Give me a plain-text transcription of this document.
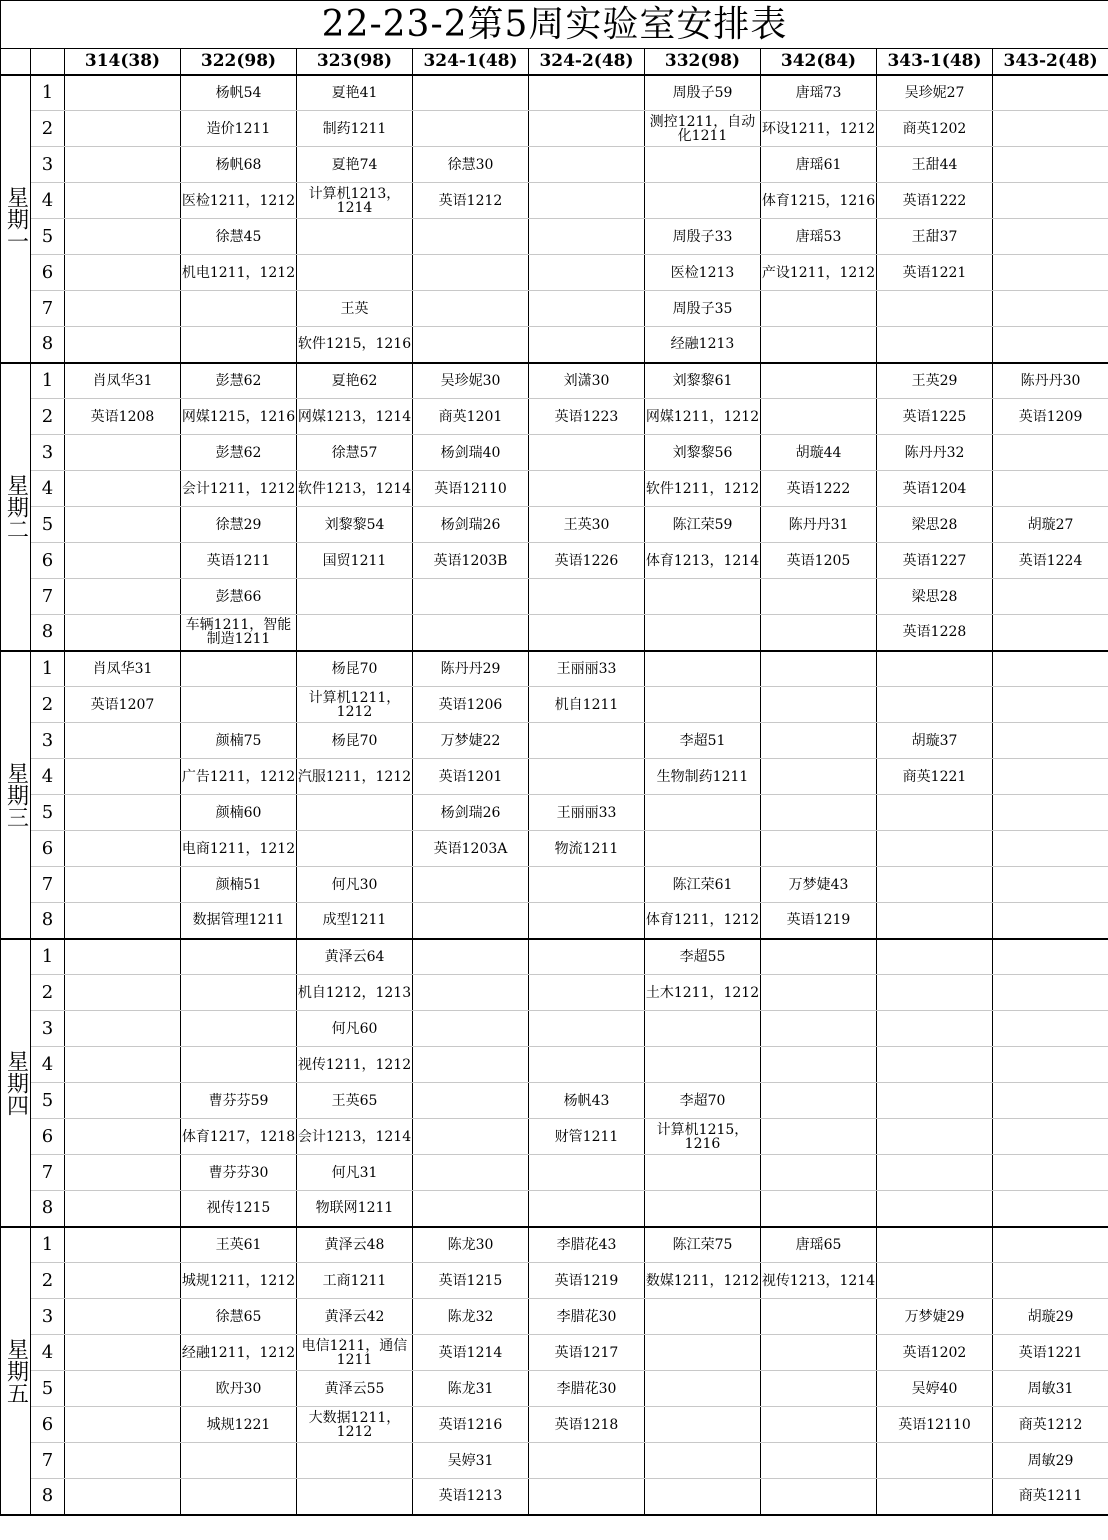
22-23-2第5周实验室安排表										
		314(38)	322(98)	323(98)	324-1(48)	324-2(48)	332(98)	342(84)	343-1(48)	343-2(48)
星期一	1		杨帆54	夏艳41			周殷子59	唐瑶73	吴珍妮27	
	2		造价1211	制药1211			测控1211，自动化1211	环设1211，1212	商英1202	
	3		杨帆68	夏艳74	徐慧30			唐瑶61	王甜44	
	4		医检1211，1212	计算机1213，1214	英语1212			体育1215，1216	英语1222	
	5		徐慧45				周殷子33	唐瑶53	王甜37	
	6		机电1211，1212				医检1213	产设1211，1212	英语1221	
	7			王英			周殷子35			
	8			软件1215，1216			经融1213			
星期二	1	肖凤华31	彭慧62	夏艳62	吴珍妮30	刘潇30	刘黎黎61		王英29	陈丹丹30
	2	英语1208	网媒1215，1216	网媒1213，1214	商英1201	英语1223	网媒1211，1212		英语1225	英语1209
	3		彭慧62	徐慧57	杨剑瑞40		刘黎黎56	胡璇44	陈丹丹32	
	4		会计1211，1212	软件1213，1214	英语12110		软件1211，1212	英语1222	英语1204	
	5		徐慧29	刘黎黎54	杨剑瑞26	王英30	陈江荣59	陈丹丹31	梁思28	胡璇27
	6		英语1211	国贸1211	英语1203B	英语1226	体育1213，1214	英语1205	英语1227	英语1224
	7		彭慧66						梁思28	
	8		车辆1211，智能制造1211						英语1228	
星期三	1	肖凤华31		杨昆70	陈丹丹29	王丽丽33				
	2	英语1207		计算机1211，1212	英语1206	机自1211				
	3		颜楠75	杨昆70	万梦婕22		李超51		胡璇37	
	4		广告1211，1212	汽服1211，1212	英语1201		生物制药1211		商英1221	
	5		颜楠60		杨剑瑞26	王丽丽33				
	6		电商1211，1212		英语1203A	物流1211				
	7		颜楠51	何凡30			陈江荣61	万梦婕43		
	8		数据管理1211	成型1211			体育1211，1212	英语1219		
星期四	1			黄泽云64			李超55			
	2			机自1212，1213			土木1211，1212			
	3			何凡60						
	4			视传1211，1212						
	5		曹芬芬59	王英65		杨帆43	李超70			
	6		体育1217，1218	会计1213，1214		财管1211	计算机1215，1216			
	7		曹芬芬30	何凡31						
	8		视传1215	物联网1211						
星期五	1		王英61	黄泽云48	陈龙30	李腊花43	陈江荣75	唐瑶65		
	2		城规1211，1212	工商1211	英语1215	英语1219	数媒1211，1212	视传1213，1214		
	3		徐慧65	黄泽云42	陈龙32	李腊花30			万梦婕29	胡璇29
	4		经融1211，1212	电信1211，通信1211	英语1214	英语1217			英语1202	英语1221
	5		欧丹30	黄泽云55	陈龙31	李腊花30			吴婷40	周敏31
	6		城规1221	大数据1211，1212	英语1216	英语1218			英语12110	商英1212
	7				吴婷31					周敏29
	8				英语1213					商英1211
